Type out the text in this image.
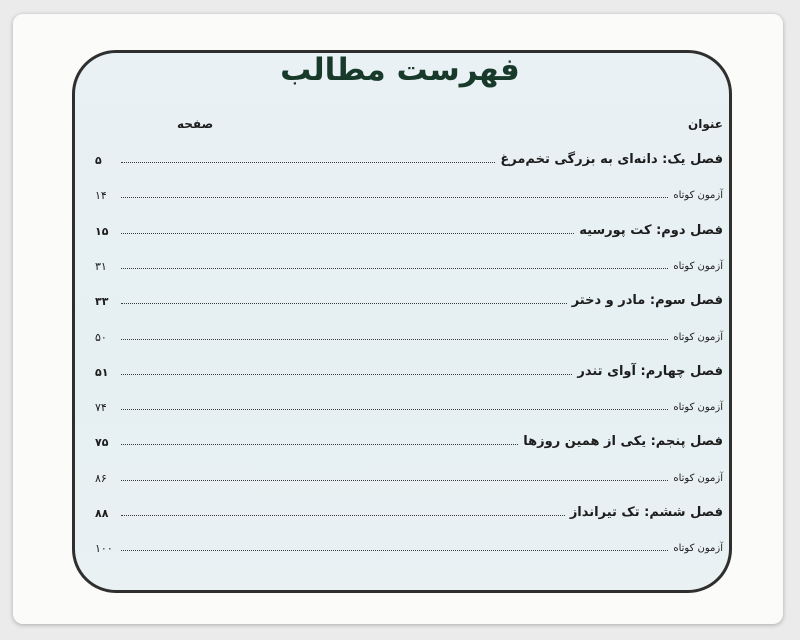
فهرست مطالب
عنوان
صفحه
فصل یک: دانه‌ای به بزرگی تخم‌مرغ
۵
آزمون کوتاه
۱۴
فصل دوم: کت پورسیه
۱۵
آزمون کوتاه
۳۱
فصل سوم: مادر و دختر
۳۳
آزمون کوتاه
۵۰
فصل چهارم: آوای تندر
۵۱
آزمون کوتاه
۷۴
فصل پنجم: یکی از همین روزها
۷۵
آزمون کوتاه
۸۶
فصل ششم: تک تیرانداز
۸۸
آزمون کوتاه
۱۰۰
